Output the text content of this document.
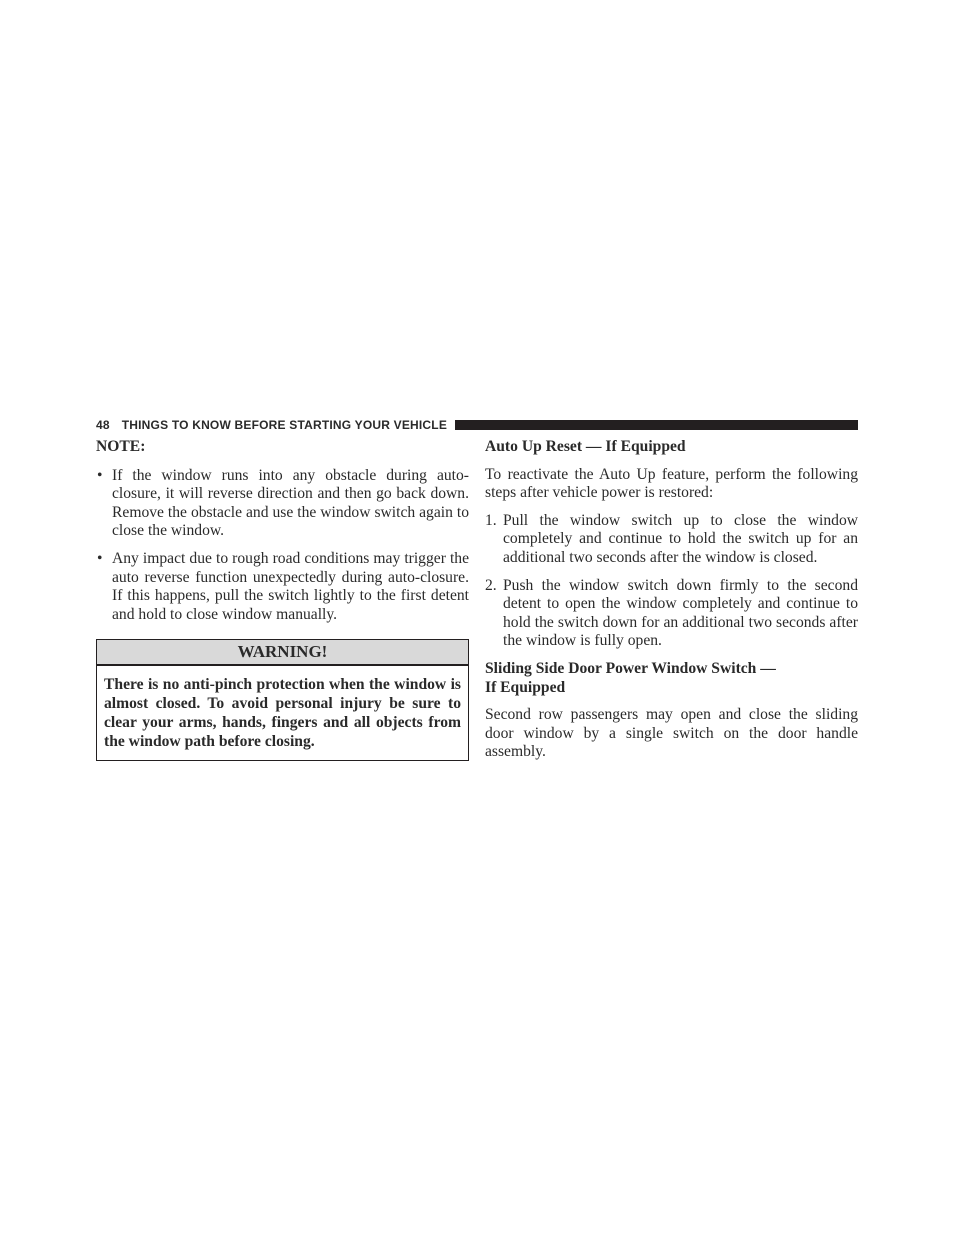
48 THINGS TO KNOW BEFORE STARTING YOUR VEHICLE
NOTE:
• If the window runs into any obstacle during auto-closure, it will reverse direction and then go back down. Remove the obstacle and use the window switch again to close the window.
• Any impact due to rough road conditions may trigger the auto reverse function unexpectedly during auto-closure. If this happens, pull the switch lightly to the first detent and hold to close window manually.
WARNING!
There is no anti-pinch protection when the window is almost closed. To avoid personal injury be sure to clear your arms, hands, fingers and all objects from the window path before closing.
Auto Up Reset — If Equipped
To reactivate the Auto Up feature, perform the following steps after vehicle power is restored:
1. Pull the window switch up to close the window completely and continue to hold the switch up for an additional two seconds after the window is closed.
2. Push the window switch down firmly to the second detent to open the window completely and continue to hold the switch down for an additional two seconds after the window is fully open.
Sliding Side Door Power Window Switch —
If Equipped
Second row passengers may open and close the sliding door window by a single switch on the door handle assembly.
